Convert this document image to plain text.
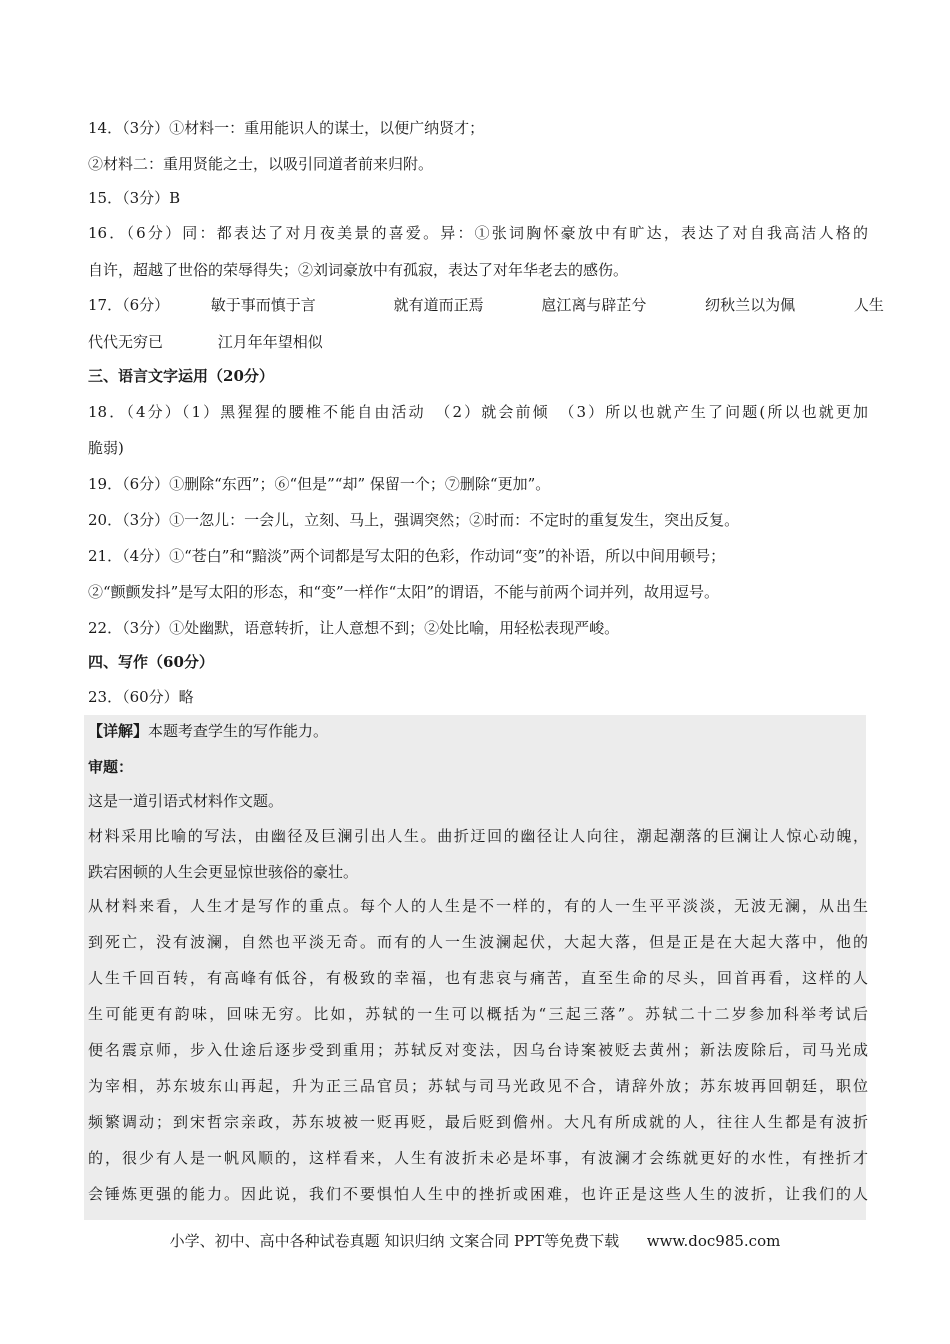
14．（3分）①材料一：重用能识人的谋士，以便广纳贤才；
②材料二：重用贤能之士，以吸引同道者前来归附。
15．（3分）B
16．（6分）同：都表达了对月夜美景的喜爱。异：①张词胸怀豪放中有旷达，表达了对自我高洁人格的
自许，超越了世俗的荣辱得失；②刘词豪放中有孤寂，表达了对年华老去的感伤。
17．（6分）	敏于事而慎于言	就有道而正焉	扈江离与辟芷兮	纫秋兰以为佩	人生
代代无穷已	江月年年望相似
三、语言文字运用（20分）
18．（4分）（1）黑猩猩的腰椎不能自由活动　（2）就会前倾　（3）所以也就产生了问题(所以也就更加
脆弱)
19．（6分）①删除“东西”；⑥“但是”“却” 保留一个；⑦删除“更加”。
20．（3分）①一忽儿：一会儿，立刻、马上，强调突然；②时而：不定时的重复发生，突出反复。
21．（4分）①“苍白”和“黯淡”两个词都是写太阳的色彩，作动词“变”的补语，所以中间用顿号；
②“颤颤发抖”是写太阳的形态，和“变”一样作“太阳”的谓语，不能与前两个词并列，故用逗号。
22．（3分）①处幽默，语意转折，让人意想不到；②处比喻，用轻松表现严峻。
四、写作（60分）
23．（60分）略
【详解】本题考查学生的写作能力。
审题：
这是一道引语式材料作文题。
材料采用比喻的写法，由幽径及巨澜引出人生。曲折迂回的幽径让人向往，潮起潮落的巨澜让人惊心动魄，
跌宕困顿的人生会更显惊世骇俗的豪壮。
从材料来看，人生才是写作的重点。每个人的人生是不一样的，有的人一生平平淡淡，无波无澜，从出生
到死亡，没有波澜，自然也平淡无奇。而有的人一生波澜起伏，大起大落，但是正是在大起大落中，他的
人生千回百转，有高峰有低谷，有极致的幸福，也有悲哀与痛苦，直至生命的尽头，回首再看，这样的人
生可能更有韵味，回味无穷。比如，苏轼的一生可以概括为“三起三落”。苏轼二十二岁参加科举考试后
便名震京师，步入仕途后逐步受到重用；苏轼反对变法，因乌台诗案被贬去黄州；新法废除后，司马光成
为宰相，苏东坡东山再起，升为正三品官员；苏轼与司马光政见不合，请辞外放；苏东坡再回朝廷，职位
频繁调动；到宋哲宗亲政，苏东坡被一贬再贬，最后贬到儋州。大凡有所成就的人，往往人生都是有波折
的，很少有人是一帆风顺的，这样看来，人生有波折未必是坏事，有波澜才会练就更好的水性，有挫折才
会锤炼更强的能力。因此说，我们不要惧怕人生中的挫折或困难，也许正是这些人生的波折，让我们的人
小学、初中、高中各种试卷真题 知识归纳 文案合同 PPT等免费下载 www.doc985.com
